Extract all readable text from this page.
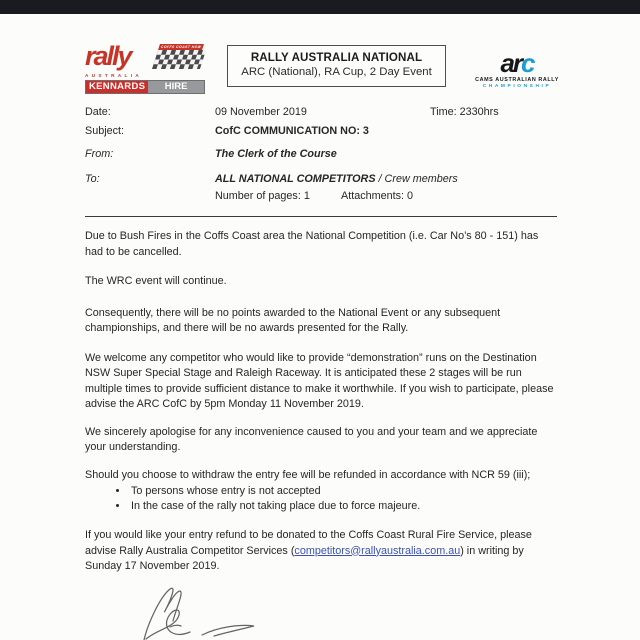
rally	COFFS COAST NSW
AUSTRALIA
KENNARDS	HIRE
RALLY AUSTRALIA NATIONAL
ARC (National), RA Cup, 2 Day Event	arc
CAMS AUSTRALIAN RALLY
CHAMPIONSHIP
Date:	09 November 2019	Time: 2330hrs
Subject:	CofC COMMUNICATION NO: 3
From:	The Clerk of the Course
To:	ALL NATIONAL COMPETITORS / Crew members
Number of pages: 1	Attachments: 0

Due to Bush Fires in the Coffs Coast area the National Competition (i.e. Car No’s 80 - 151) has had to be cancelled.

The WRC event will continue.

Consequently, there will be no points awarded to the National Event or any subsequent championships, and there will be no awards presented for the Rally.

We welcome any competitor who would like to provide “demonstration” runs on the Destination NSW Super Special Stage and Raleigh Raceway. It is anticipated these 2 stages will be run multiple times to provide sufficient distance to make it worthwhile. If you wish to participate, please advise the ARC CofC by 5pm Monday 11 November 2019.

We sincerely apologise for any inconvenience caused to you and your team and we appreciate your understanding.

Should you choose to withdraw the entry fee will be refunded in accordance with NCR 59 (iii);

• To persons whose entry is not accepted
• In the case of the rally not taking place due to force majeure.

If you would like your entry refund to be donated to the Coffs Coast Rural Fire Service, please advise Rally Australia Competitor Services (competitors@rallyaustralia.com.au) in writing by Sunday 17 November 2019.
